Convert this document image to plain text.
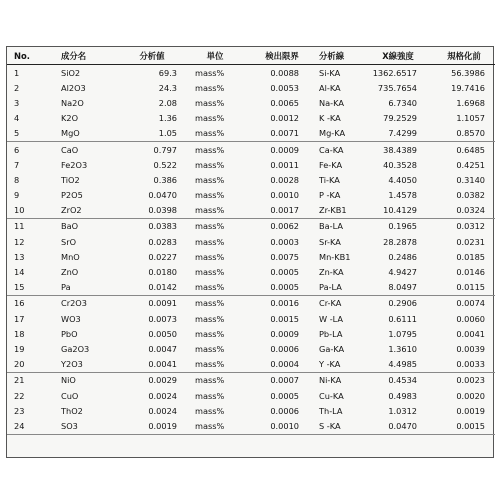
No.	成分名	分析値	単位	検出限界	分析線	X線強度	規格化前
1	SiO2	69.3	mass%	0.0088	Si-KA	1362.6517	56.3986
2	Al2O3	24.3	mass%	0.0053	Al-KA	735.7654	19.7416
3	Na2O	2.08	mass%	0.0065	Na-KA	6.7340	1.6968
4	K2O	1.36	mass%	0.0012	K -KA	79.2529	1.1057
5	MgO	1.05	mass%	0.0071	Mg-KA	7.4299	0.8570
6	CaO	0.797	mass%	0.0009	Ca-KA	38.4389	0.6485
7	Fe2O3	0.522	mass%	0.0011	Fe-KA	40.3528	0.4251
8	TiO2	0.386	mass%	0.0028	Ti-KA	4.4050	0.3140
9	P2O5	0.0470	mass%	0.0010	P -KA	1.4578	0.0382
10	ZrO2	0.0398	mass%	0.0017	Zr-KB1	10.4129	0.0324
11	BaO	0.0383	mass%	0.0062	Ba-LA	0.1965	0.0312
12	SrO	0.0283	mass%	0.0003	Sr-KA	28.2878	0.0231
13	MnO	0.0227	mass%	0.0075	Mn-KB1	0.2486	0.0185
14	ZnO	0.0180	mass%	0.0005	Zn-KA	4.9427	0.0146
15	Pa	0.0142	mass%	0.0005	Pa-LA	8.0497	0.0115
16	Cr2O3	0.0091	mass%	0.0016	Cr-KA	0.2906	0.0074
17	WO3	0.0073	mass%	0.0015	W -LA	0.6111	0.0060
18	PbO	0.0050	mass%	0.0009	Pb-LA	1.0795	0.0041
19	Ga2O3	0.0047	mass%	0.0006	Ga-KA	1.3610	0.0039
20	Y2O3	0.0041	mass%	0.0004	Y -KA	4.4985	0.0033
21	NiO	0.0029	mass%	0.0007	Ni-KA	0.4534	0.0023
22	CuO	0.0024	mass%	0.0005	Cu-KA	0.4983	0.0020
23	ThO2	0.0024	mass%	0.0006	Th-LA	1.0312	0.0019
24	SO3	0.0019	mass%	0.0010	S -KA	0.0470	0.0015
